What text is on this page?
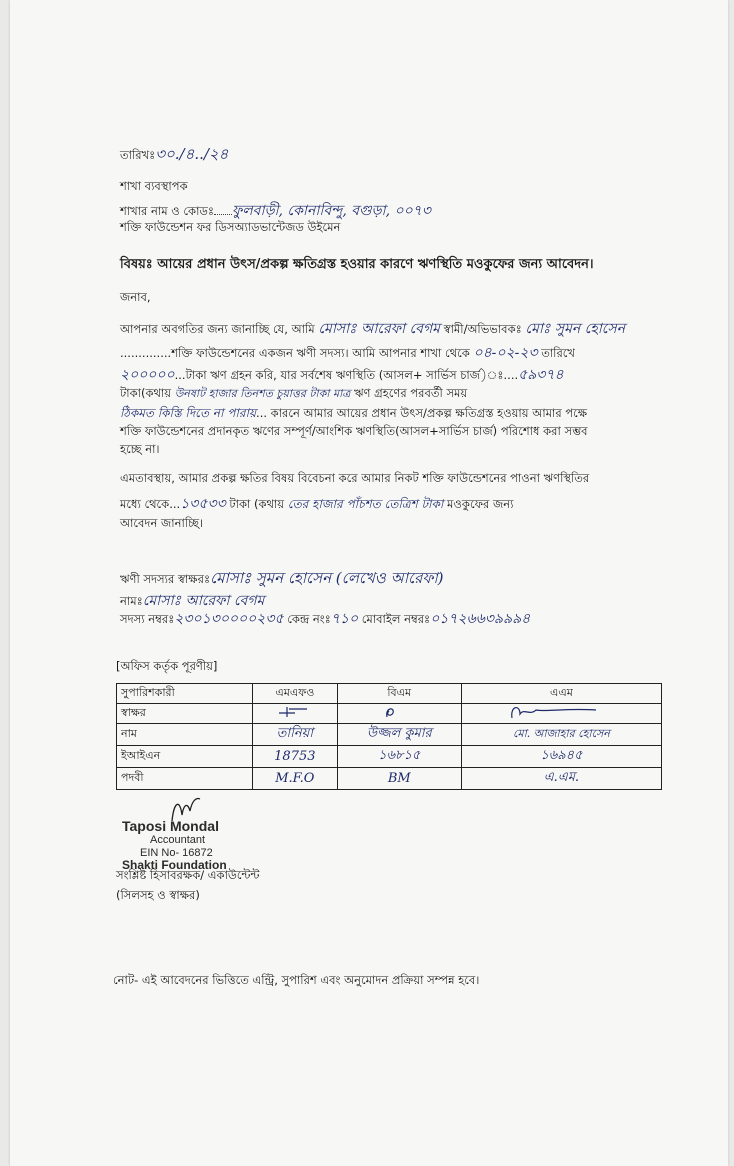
তারিখঃ৩০./৪../২৪
শাখা ব্যবস্থাপক
শাখার নাম ও কোডঃ ফুলবাড়ী, কোনাবিন্দু, বগুড়া, ০০৭৩
শক্তি ফাউন্ডেশন ফর ডিসঅ্যাডভান্টেজড উইমেন
বিষয়ঃ আয়ের প্রধান উৎস/প্রকল্প ক্ষতিগ্রস্ত হওয়ার কারণে ঋণস্থিতি মওকুফের জন্য আবেদন।
জনাব,
আপনার অবগতির জন্য জানাচ্ছি যে, আমি মোসাঃ আরেফা বেগম স্বামী/অভিভাবকঃ মোঃ সুমন হোসেন
..............শক্তি ফাউন্ডেশনের একজন ঋণী সদস্য। আমি আপনার শাখা থেকে ০৪-০২-২৩ তারিখে
২০০০০০...টাকা ঋণ গ্রহন করি, যার সর্বশেষ ঋণস্থিতি (আসল+ সার্ভিস চার্জ)ঃ....৫৯৩৭৪
টাকা(কথায় উনষাট হাজার তিনশত চুয়াত্তর টাকা মাত্র ঋণ গ্রহণের পরবর্তী সময়
ঠিকমত কিস্তি দিতে না পারায়... কারনে আমার আয়ের প্রধান উৎস/প্রকল্প ক্ষতিগ্রস্ত হওয়ায় আমার পক্ষে
শক্তি ফাউন্ডেশনের প্রদানকৃত ঋণের সম্পূর্ণ/আংশিক ঋণস্থিতি(আসল+সার্ভিস চার্জ) পরিশোধ করা সম্ভব
হচ্ছে না।
এমতাবস্থায়, আমার প্রকল্প ক্ষতির বিষয় বিবেচনা করে আমার নিকট শক্তি ফাউন্ডেশনের পাওনা ঋণস্থিতির
মধ্যে থেকে...১৩৫৩৩ টাকা (কথায় তের হাজার পাঁচশত তেত্রিশ টাকা মওকুফের জন্য
আবেদন জানাচ্ছি।
ঋণী সদস্যর স্বাক্ষরঃমোসাঃ সুমন হোসেন (লেখেও আরেফা)
নামঃমোসাঃ আরেফা বেগম
সদস্য নম্বরঃ২৩০১৩০০০০২৩৫ কেন্দ্র নংঃ৭১০ মোবাইল নম্বরঃ০১৭২৬৬৩৯৯৯৪
[অফিস কর্তৃক পূরণীয়]
সুপারিশকারী	এমএফও	বিএম	এএম
স্বাক্ষর			
নাম	তানিয়া	উজ্জল কুমার	মো. আজাহার হোসেন
ইআইএন	18753	১৬৮১৫	১৬৯৪৫
পদবী	M.F.O	BM	এ.এম.
Taposi Mondal
Accountant
EIN No- 16872
Shakti Foundation
সংশ্লিষ্ট হিসাবরক্ষক/ একাউন্টেন্ট
(সিলসহ ও স্বাক্ষর)
নোট- এই আবেদনের ভিত্তিতে এন্ট্রি, সুপারিশ এবং অনুমোদন প্রক্রিয়া সম্পন্ন হবে।
